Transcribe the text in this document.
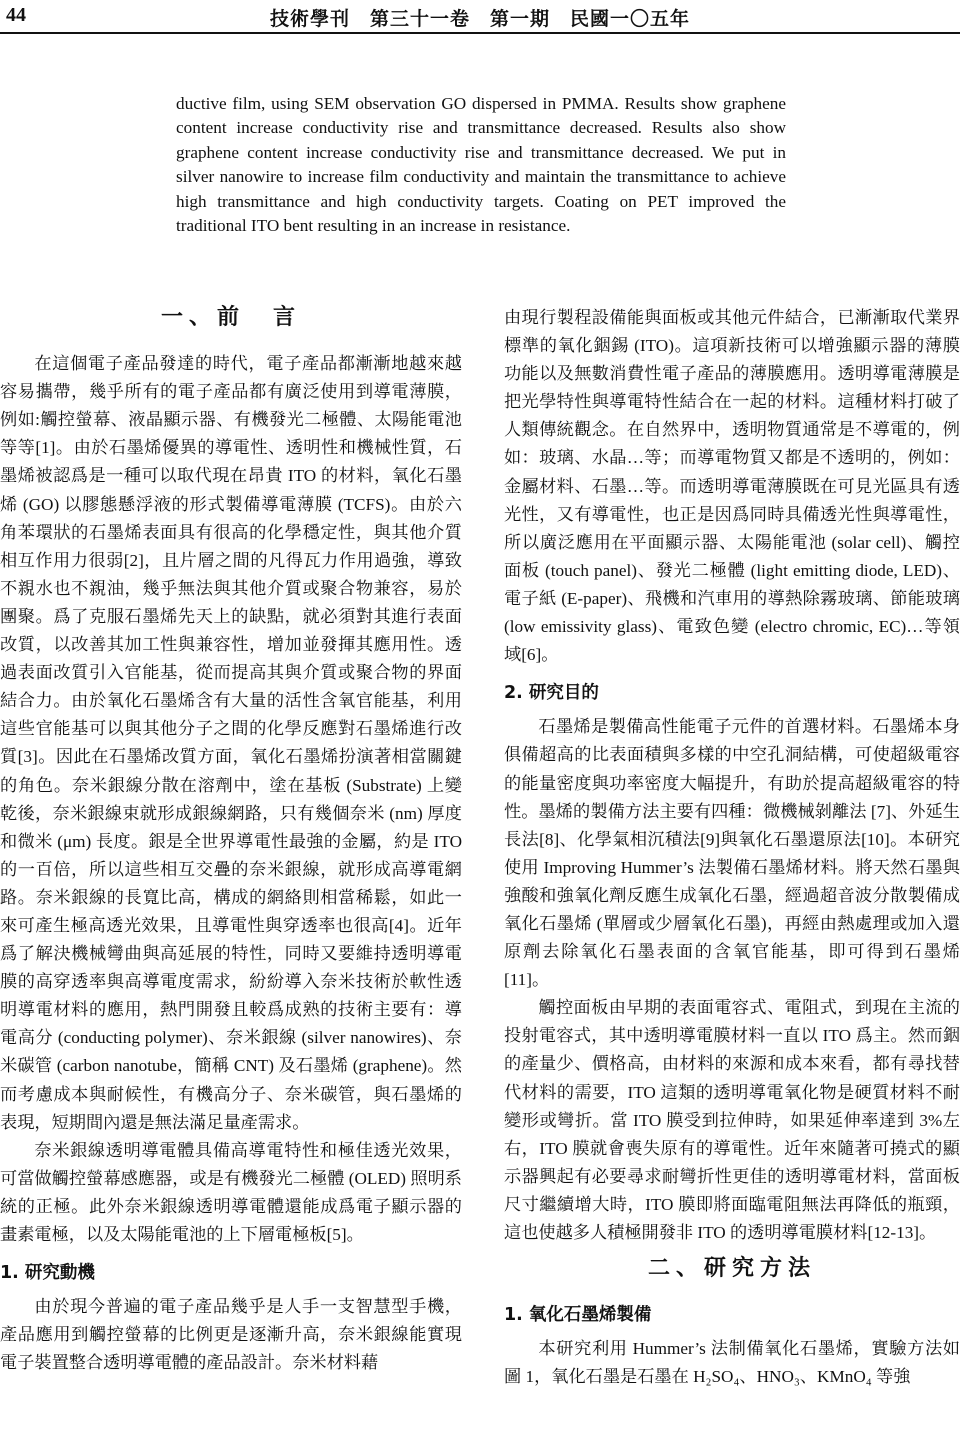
44	技術學刊　第三十一卷　第一期　民國一〇五年

ductive film, using SEM observation GO dispersed in PMMA. Results show graphene content increase conductivity rise and transmittance decreased. Results also show graphene content increase conductivity rise and transmittance decreased. We put in silver nanowire to increase film conductivity and maintain the transmittance to achieve high transmittance and high conductivity targets. Coating on PET improved the traditional ITO bent resulting in an increase in resistance.

一、前　言

在這個電子產品發達的時代，電子產品都漸漸地越來越容易攜帶，幾乎所有的電子產品都有廣泛使用到導電薄膜，例如:觸控螢幕、液晶顯示器、有機發光二極體、太陽能電池等等[1]。由於石墨烯優異的導電性、透明性和機械性質，石墨烯被認爲是一種可以取代現在昂貴 ITO 的材料，氧化石墨烯 (GO) 以膠態懸浮液的形式製備導電薄膜 (TCFS)。由於六角苯環狀的石墨烯表面具有很高的化學穩定性，與其他介質相互作用力很弱[2]，且片層之間的凡得瓦力作用過強，導致不親水也不親油，幾乎無法與其他介質或聚合物兼容，易於團聚。爲了克服石墨烯先天上的缺點，就必須對其進行表面改質，以改善其加工性與兼容性，增加並發揮其應用性。透過表面改質引入官能基，從而提高其與介質或聚合物的界面結合力。由於氧化石墨烯含有大量的活性含氧官能基，利用這些官能基可以與其他分子之間的化學反應對石墨烯進行改質[3]。因此在石墨烯改質方面，氧化石墨烯扮演著相當關鍵的角色。奈米銀線分散在溶劑中，塗在基板 (Substrate) 上變乾後，奈米銀線束就形成銀線網路，只有幾個奈米 (nm) 厚度和微米 (μm) 長度。銀是全世界導電性最強的金屬，約是 ITO 的一百倍，所以這些相互交疊的奈米銀線，就形成高導電網路。奈米銀線的長寬比高，構成的網絡則相當稀鬆，如此一來可產生極高透光效果，且導電性與穿透率也很高[4]。近年爲了解決機械彎曲與高延展的特性，同時又要維持透明導電膜的高穿透率與高導電度需求，紛紛導入奈米技術於軟性透明導電材料的應用，熱門開發且較爲成熟的技術主要有：導電高分 (conducting polymer)、奈米銀線 (silver nanowires)、奈米碳管 (carbon nanotube，簡稱 CNT) 及石墨烯 (graphene)。然而考慮成本與耐候性，有機高分子、奈米碳管，與石墨烯的表現，短期間內還是無法滿足量產需求。

奈米銀線透明導電體具備高導電特性和極佳透光效果，可當做觸控螢幕感應器，或是有機發光二極體 (OLED) 照明系統的正極。此外奈米銀線透明導電體還能成爲電子顯示器的畫素電極，以及太陽能電池的上下層電極板[5]。

1. 研究動機

由於現今普遍的電子產品幾乎是人手一支智慧型手機，產品應用到觸控螢幕的比例更是逐漸升高，奈米銀線能實現電子裝置整合透明導電體的產品設計。奈米材料藉

由現行製程設備能與面板或其他元件結合，已漸漸取代業界標準的氧化銦錫 (ITO)。這項新技術可以增強顯示器的薄膜功能以及無數消費性電子產品的薄膜應用。透明導電薄膜是把光學特性與導電特性結合在一起的材料。這種材料打破了人類傳統觀念。在自然界中，透明物質通常是不導電的，例如：玻璃、水晶…等；而導電物質又都是不透明的，例如：金屬材料、石墨…等。而透明導電薄膜既在可見光區具有透光性，又有導電性，也正是因爲同時具備透光性與導電性，所以廣泛應用在平面顯示器、太陽能電池 (solar cell)、觸控面板 (touch panel)、發光二極體 (light emitting diode, LED)、電子紙 (E-paper)、飛機和汽車用的導熱除霧玻璃、節能玻璃 (low emissivity glass)、電致色變 (electro chromic, EC)…等領域[6]。

2. 研究目的

石墨烯是製備高性能電子元件的首選材料。石墨烯本身俱備超高的比表面積與多樣的中空孔洞結構，可使超級電容的能量密度與功率密度大幅提升，有助於提高超級電容的特性。墨烯的製備方法主要有四種：微機械剝離法 [7]、外延生長法[8]、化學氣相沉積法[9]與氧化石墨還原法[10]。本研究使用 Improving Hummer’s 法製備石墨烯材料。將天然石墨與強酸和強氧化劑反應生成氧化石墨，經過超音波分散製備成氧化石墨烯 (單層或少層氧化石墨)，再經由熱處理或加入還原劑去除氧化石墨表面的含氧官能基，即可得到石墨烯[11]。

觸控面板由早期的表面電容式、電阻式，到現在主流的投射電容式，其中透明導電膜材料一直以 ITO 爲主。然而銦的產量少、價格高，由材料的來源和成本來看，都有尋找替代材料的需要，ITO 這類的透明導電氧化物是硬質材料不耐變形或彎折。當 ITO 膜受到拉伸時，如果延伸率達到 3%左右，ITO 膜就會喪失原有的導電性。近年來隨著可撓式的顯示器興起有必要尋求耐彎折性更佳的透明導電材料，當面板尺寸繼續增大時，ITO 膜即將面臨電阻無法再降低的瓶頸，這也使越多人積極開發非 ITO 的透明導電膜材料[12-13]。

二、研究方法
1. 氧化石墨烯製備

本研究利用 Hummer’s 法制備氧化石墨烯，實驗方法如圖 1，氧化石墨是石墨在 H₂SO₄、HNO₃、KMnO₄ 等強
